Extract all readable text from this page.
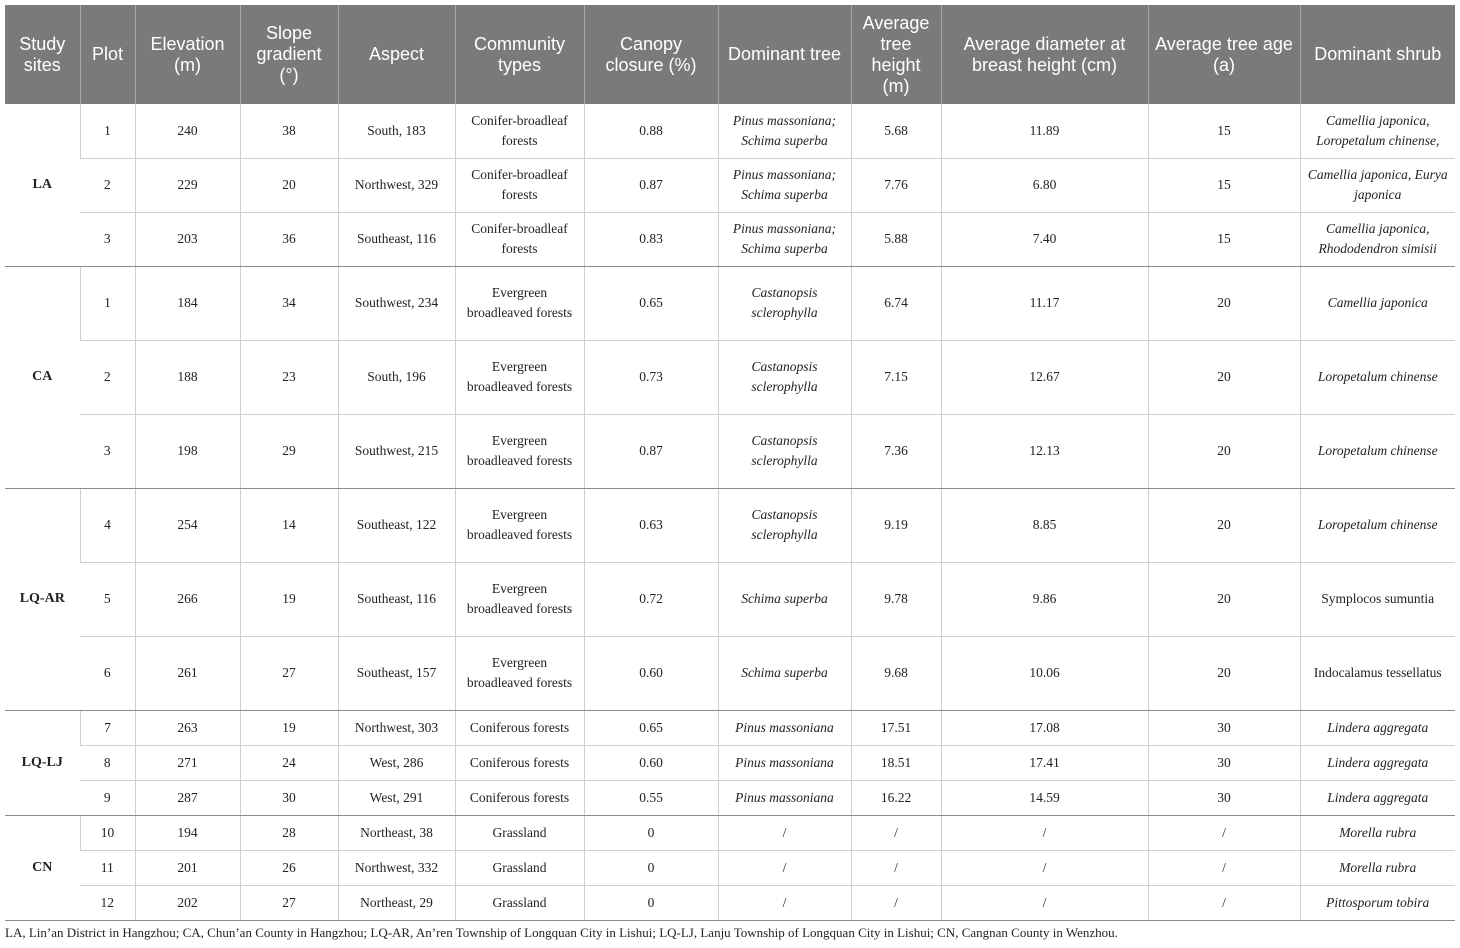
Study sites	Plot	Elevation (m)	Slope gradient (°)	Aspect	Community types	Canopy closure (%)	Dominant tree	Average tree height (m)	Average diameter at breast height (cm)	Average tree age (a)	Dominant shrub
LA	1	240	38	South, 183	Conifer-broadleaf forests	0.88	Pinus massoniana; Schima superba	5.68	11.89	15	Camellia japonica, Loropetalum chinense,
	2	229	20	Northwest, 329	Conifer-broadleaf forests	0.87	Pinus massoniana; Schima superba	7.76	6.80	15	Camellia japonica, Eurya japonica
	3	203	36	Southeast, 116	Conifer-broadleaf forests	0.83	Pinus massoniana; Schima superba	5.88	7.40	15	Camellia japonica, Rhododendron simisii
CA	1	184	34	Southwest, 234	Evergreen broadleaved forests	0.65	Castanopsis sclerophylla	6.74	11.17	20	Camellia japonica
	2	188	23	South, 196	Evergreen broadleaved forests	0.73	Castanopsis sclerophylla	7.15	12.67	20	Loropetalum chinense
	3	198	29	Southwest, 215	Evergreen broadleaved forests	0.87	Castanopsis sclerophylla	7.36	12.13	20	Loropetalum chinense
LQ-AR	4	254	14	Southeast, 122	Evergreen broadleaved forests	0.63	Castanopsis sclerophylla	9.19	8.85	20	Loropetalum chinense
	5	266	19	Southeast, 116	Evergreen broadleaved forests	0.72	Schima superba	9.78	9.86	20	Symplocos sumuntia
	6	261	27	Southeast, 157	Evergreen broadleaved forests	0.60	Schima superba	9.68	10.06	20	Indocalamus tessellatus
LQ-LJ	7	263	19	Northwest, 303	Coniferous forests	0.65	Pinus massoniana	17.51	17.08	30	Lindera aggregata
	8	271	24	West, 286	Coniferous forests	0.60	Pinus massoniana	18.51	17.41	30	Lindera aggregata
	9	287	30	West, 291	Coniferous forests	0.55	Pinus massoniana	16.22	14.59	30	Lindera aggregata
CN	10	194	28	Northeast, 38	Grassland	0	/	/	/	/	Morella rubra
	11	201	26	Northwest, 332	Grassland	0	/	/	/	/	Morella rubra
	12	202	27	Northeast, 29	Grassland	0	/	/	/	/	Pittosporum tobira
LA, Lin’an District in Hangzhou; CA, Chun’an County in Hangzhou; LQ-AR, An’ren Township of Longquan City in Lishui; LQ-LJ, Lanju Township of Longquan City in Lishui; CN, Cangnan County in Wenzhou.
